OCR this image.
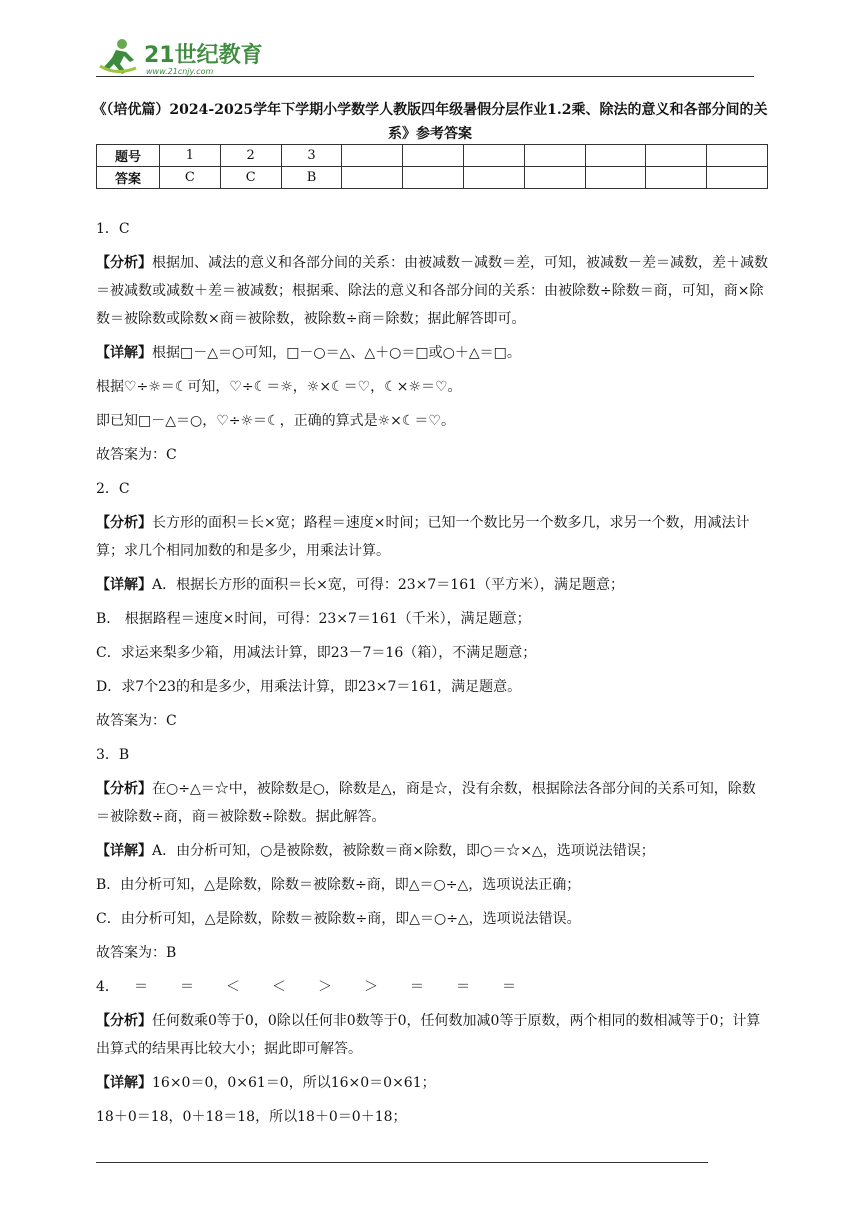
21世纪教育
www.21cnjy.com
《（培优篇）2024-2025学年下学期小学数学人教版四年级暑假分层作业1.2乘、除法的意义和各部分间的关系》参考答案
题号	1	2	3							
答案	C	C	B							

1．C

【分析】根据加、减法的意义和各部分间的关系：由被减数－减数＝差，可知，被减数－差＝减数，差＋减数＝被减数或减数＋差＝被减数；根据乘、除法的意义和各部分间的关系：由被除数÷除数＝商，可知，商×除数＝被除数或除数×商＝被除数，被除数÷商＝除数；据此解答即可。

【详解】根据□－△＝○可知，□－○＝△、△＋○＝□或○＋△＝□。

根据♡÷☼＝☾可知，♡÷☾＝☼，☼×☾＝♡，☾×☼＝♡。

即已知□－△＝○，♡÷☼＝☾，正确的算式是☼×☾＝♡。

故答案为：C

2．C

【分析】长方形的面积＝长×宽；路程＝速度×时间；已知一个数比另一个数多几，求另一个数，用减法计算；求几个相同加数的和是多少，用乘法计算。

【详解】A．根据长方形的面积＝长×宽，可得：23×7＝161（平方米），满足题意；

B． 根据路程＝速度×时间，可得：23×7＝161（千米），满足题意；

C．求运来梨多少箱，用减法计算，即23－7＝16（箱），不满足题意；

D．求7个23的和是多少，用乘法计算，即23×7＝161，满足题意。

故答案为：C

3．B

【分析】在○÷△＝☆中，被除数是○，除数是△，商是☆，没有余数，根据除法各部分间的关系可知，除数＝被除数÷商，商＝被除数÷除数。据此解答。

【详解】A．由分析可知，○是被除数，被除数＝商×除数，即○＝☆×△，选项说法错误；

B．由分析可知，△是除数，除数＝被除数÷商，即△＝○÷△，选项说法正确；

C．由分析可知，△是除数，除数＝被除数÷商，即△＝○÷△，选项说法错误。

故答案为：B

4． ＝ ＝ ＜ ＜ ＞ ＞ ＝ ＝ ＝

【分析】任何数乘0等于0，0除以任何非0数等于0，任何数加减0等于原数，两个相同的数相减等于0；计算出算式的结果再比较大小；据此即可解答。

【详解】16×0＝0，0×61＝0，所以16×0＝0×61；

18＋0＝18，0＋18＝18，所以18＋0＝0＋18；
